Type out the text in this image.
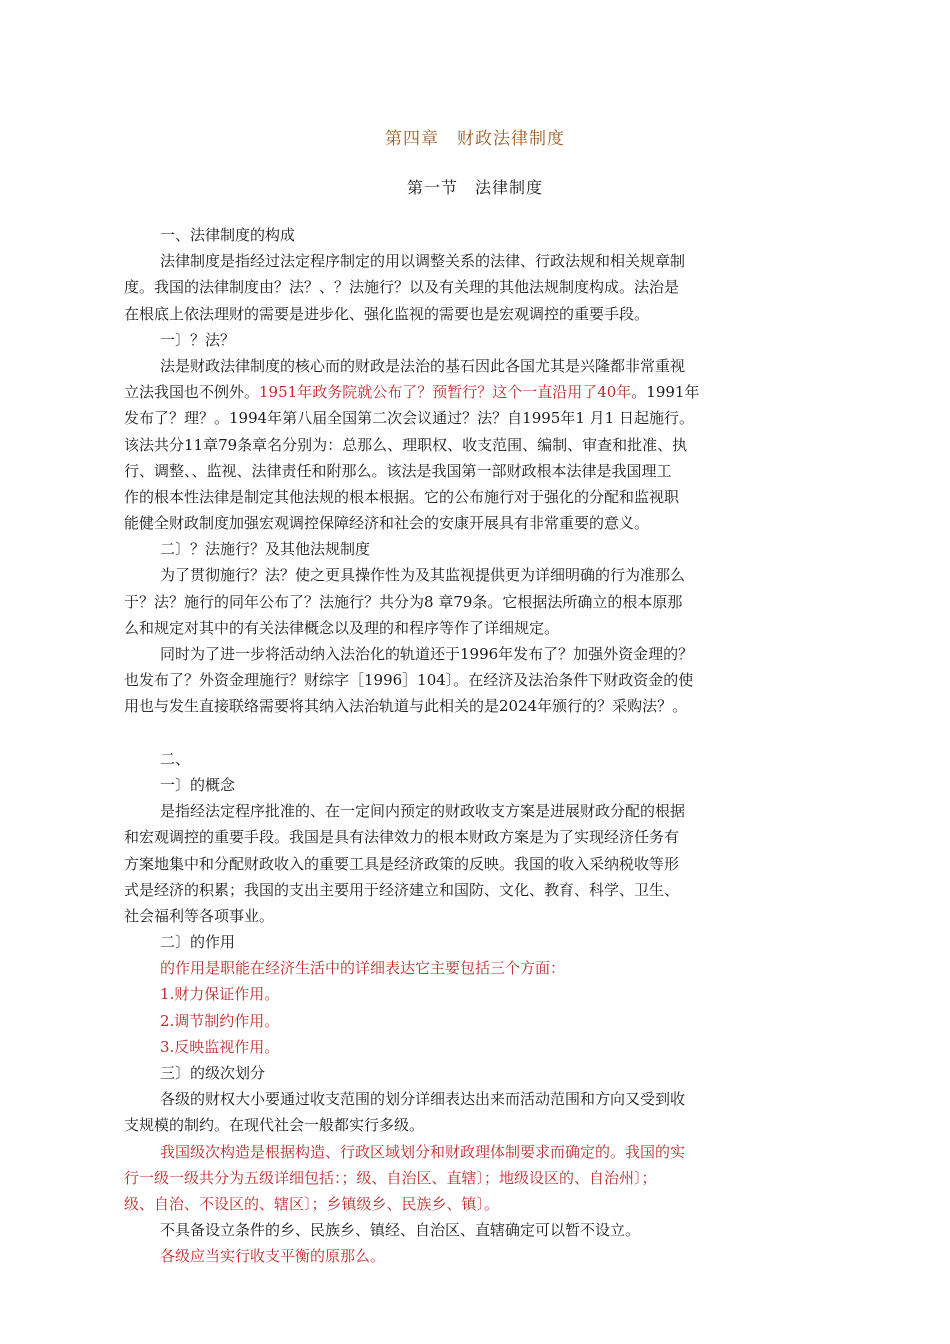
第四章　财政法律制度
第一节　法律制度
一、法律制度的构成
法律制度是指经过法定程序制定的用以调整关系的法律、行政法规和相关规章制
度。我国的法律制度由？法？、？法施行？以及有关理的其他法规制度构成。法治是
在根底上依法理财的需要是进步化、强化监视的需要也是宏观调控的重要手段。
一〕？法？
法是财政法律制度的核心而的财政是法治的基石因此各国尤其是兴隆都非常重视
立法我国也不例外。1951年政务院就公布了？预暂行？这个一直沿用了40年。1991年
发布了？理？。1994年第八届全国第二次会议通过？法？自1995年1 月1 日起施行。
该法共分11章79条章名分别为：总那么、理职权、收支范围、编制、审查和批准、执
行、调整、、监视、法律责任和附那么。该法是我国第一部财政根本法律是我国理工
作的根本性法律是制定其他法规的根本根据。它的公布施行对于强化的分配和监视职
能健全财政制度加强宏观调控保障经济和社会的安康开展具有非常重要的意义。
二〕？法施行？及其他法规制度
为了贯彻施行？法？使之更具操作性为及其监视提供更为详细明确的行为准那么
于？法？施行的同年公布了？法施行？共分为8 章79条。它根据法所确立的根本原那
么和规定对其中的有关法律概念以及理的和程序等作了详细规定。
同时为了进一步将活动纳入法治化的轨道还于1996年发布了？加强外资金理的？
也发布了？外资金理施行？财综字［1996］104〕。在经济及法治条件下财政资金的使
用也与发生直接联络需要将其纳入法治轨道与此相关的是2024年颁行的？采购法？。
二、
一〕的概念
是指经法定程序批准的、在一定间内预定的财政收支方案是进展财政分配的根据
和宏观调控的重要手段。我国是具有法律效力的根本财政方案是为了实现经济任务有
方案地集中和分配财政收入的重要工具是经济政策的反映。我国的收入采纳税收等形
式是经济的积累；我国的支出主要用于经济建立和国防、文化、教育、科学、卫生、
社会福利等各项事业。
二〕的作用
的作用是职能在经济生活中的详细表达它主要包括三个方面：
1.财力保证作用。
2.调节制约作用。
3.反映监视作用。
三〕的级次划分
各级的财权大小要通过收支范围的划分详细表达出来而活动范围和方向又受到收
支规模的制约。在现代社会一般都实行多级。
我国级次构造是根据构造、行政区域划分和财政理体制要求而确定的。我国的实
行一级一级共分为五级详细包括：；级、自治区、直辖〕；地级设区的、自治州〕；
级、自治、不设区的、辖区〕；乡镇级乡、民族乡、镇〕。
不具备设立条件的乡、民族乡、镇经、自治区、直辖确定可以暂不设立。
各级应当实行收支平衡的原那么。
